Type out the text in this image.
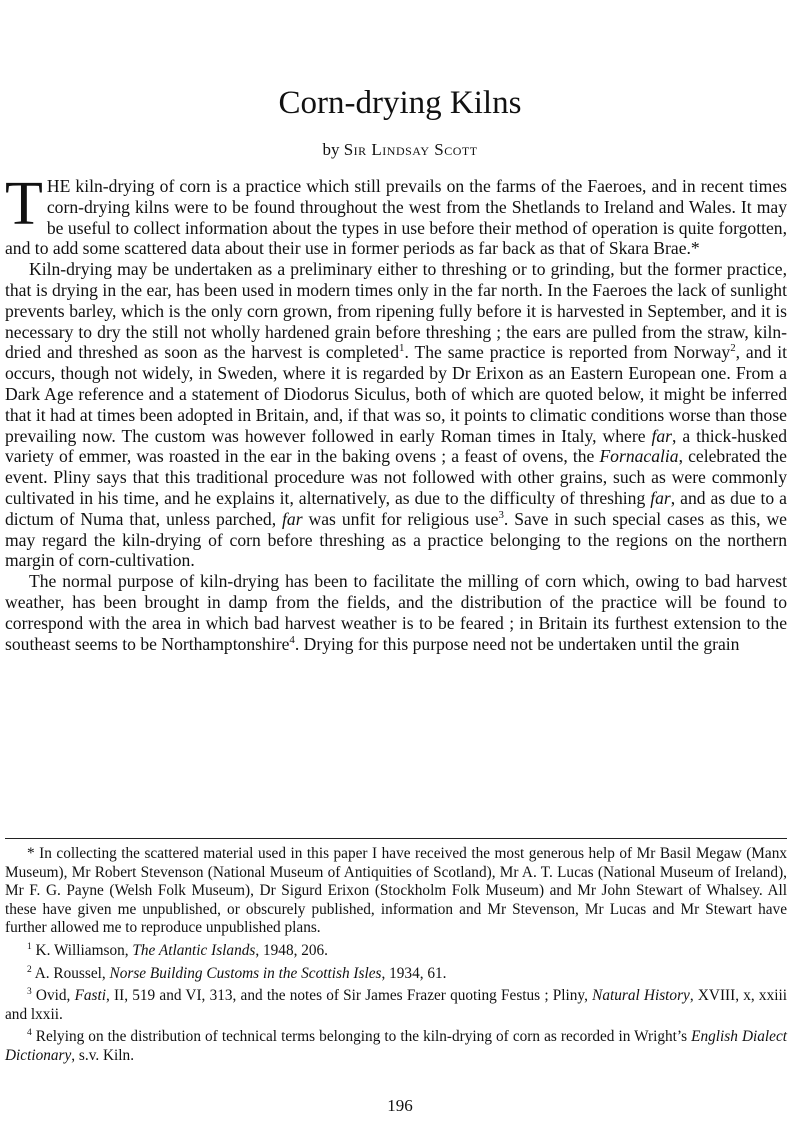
Corn-drying Kilns
by Sir Lindsay Scott

THE kiln-drying of corn is a practice which still prevails on the farms of the Faeroes, and in recent times corn-drying kilns were to be found throughout the west from the Shetlands to Ireland and Wales. It may be useful to collect information about the types in use before their method of operation is quite forgotten, and to add some scattered data about their use in former periods as far back as that of Skara Brae.*

Kiln-drying may be undertaken as a preliminary either to threshing or to grinding, but the former practice, that is drying in the ear, has been used in modern times only in the far north. In the Faeroes the lack of sunlight prevents barley, which is the only corn grown, from ripening fully before it is harvested in September, and it is necessary to dry the still not wholly hardened grain before threshing ; the ears are pulled from the straw, kiln-dried and threshed as soon as the harvest is completed$^1$. The same practice is reported from Norway$^2$, and it occurs, though not widely, in Sweden, where it is regarded by Dr Erixon as an Eastern European one. From a Dark Age reference and a statement of Diodorus Siculus, both of which are quoted below, it might be inferred that it had at times been adopted in Britain, and, if that was so, it points to climatic conditions worse than those prevailing now. The custom was however followed in early Roman times in Italy, where far, a thick-husked variety of emmer, was roasted in the ear in the baking ovens ; a feast of ovens, the Fornacalia, celebrated the event. Pliny says that this traditional procedure was not followed with other grains, such as were commonly cultivated in his time, and he explains it, alternatively, as due to the difficulty of threshing far, and as due to a dictum of Numa that, unless parched, far was unfit for religious use$^3$. Save in such special cases as this, we may regard the kiln-drying of corn before threshing as a practice belonging to the regions on the northern margin of corn-cultivation.

The normal purpose of kiln-drying has been to facilitate the milling of corn which, owing to bad harvest weather, has been brought in damp from the fields, and the distribution of the practice will be found to correspond with the area in which bad harvest weather is to be feared ; in Britain its furthest extension to the southeast seems to be Northamptonshire$^4$. Drying for this purpose need not be undertaken until the grain

* In collecting the scattered material used in this paper I have received the most generous help of Mr Basil Megaw (Manx Museum), Mr Robert Stevenson (National Museum of Antiquities of Scotland), Mr A. T. Lucas (National Museum of Ireland), Mr F. G. Payne (Welsh Folk Museum), Dr Sigurd Erixon (Stockholm Folk Museum) and Mr John Stewart of Whalsey. All these have given me unpublished, or obscurely published, information and Mr Stevenson, Mr Lucas and Mr Stewart have further allowed me to reproduce unpublished plans.

$^1$ K. Williamson, The Atlantic Islands, 1948, 206.

$^2$ A. Roussel, Norse Building Customs in the Scottish Isles, 1934, 61.

$^3$ Ovid, Fasti, II, 519 and VI, 313, and the notes of Sir James Frazer quoting Festus ; Pliny, Natural History, XVIII, x, xxiii and lxxii.

$^4$ Relying on the distribution of technical terms belonging to the kiln-drying of corn as recorded in Wright’s English Dialect Dictionary, s.v. Kiln.

196
